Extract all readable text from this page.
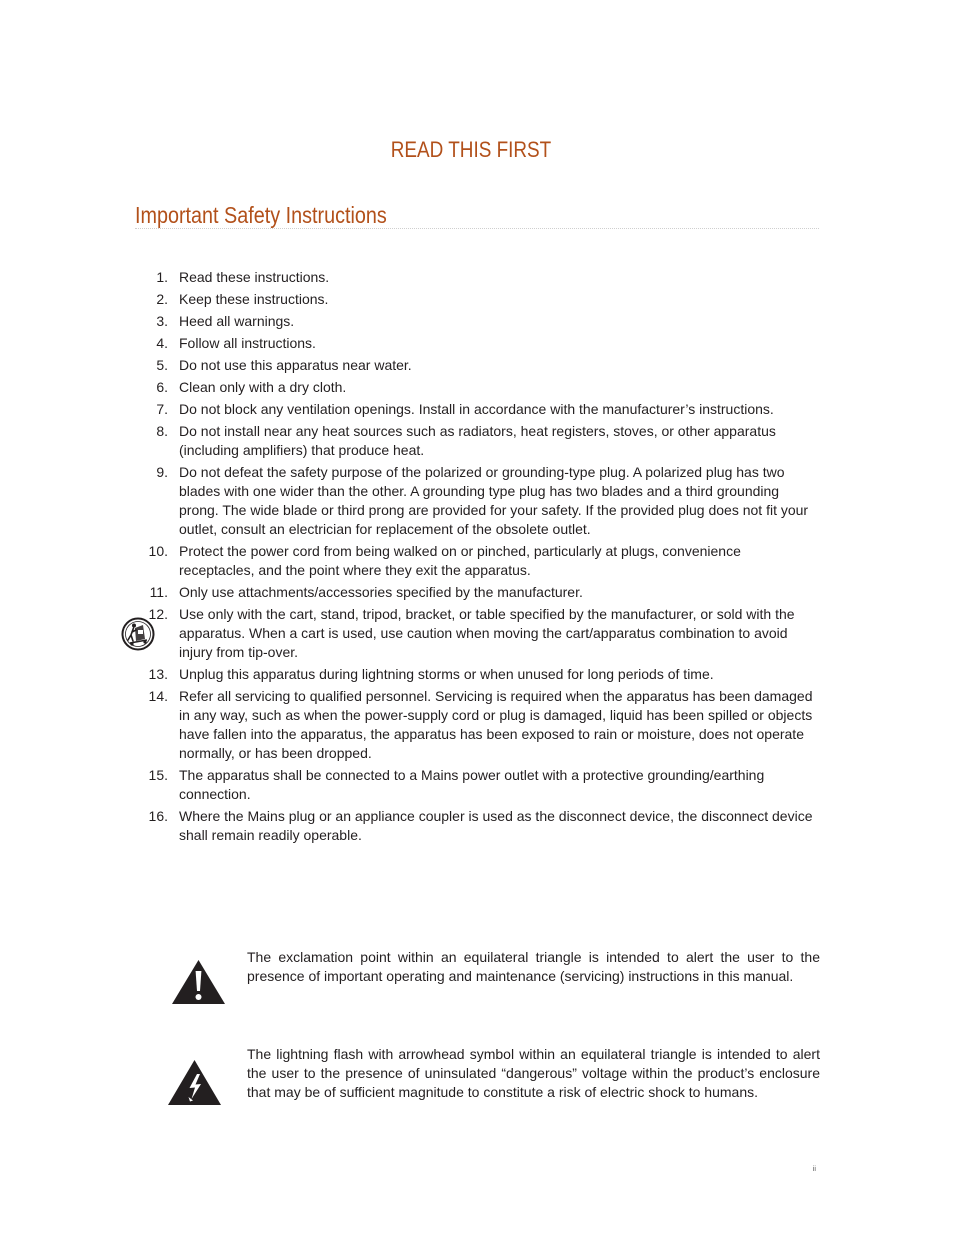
READ THIS FIRST
Important Safety Instructions
1. Read these instructions.
2. Keep these instructions.
3. Heed all warnings.
4. Follow all instructions.
5. Do not use this apparatus near water.
6. Clean only with a dry cloth.
7. Do not block any ventilation openings. Install in accordance with the manufacturer’s instructions.
8. Do not install near any heat sources such as radiators, heat registers, stoves, or other apparatus (including amplifiers) that produce heat.
9. Do not defeat the safety purpose of the polarized or grounding-type plug. A polarized plug has two blades with one wider than the other. A grounding type plug has two blades and a third grounding prong. The wide blade or third prong are provided for your safety. If the provided plug does not fit your outlet, consult an electrician for replacement of the obsolete outlet.
10. Protect the power cord from being walked on or pinched, particularly at plugs, convenience receptacles, and the point where they exit the apparatus.
11. Only use attachments/accessories specified by the manufacturer.
12. Use only with the cart, stand, tripod, bracket, or table specified by the manufacturer, or sold with the apparatus. When a cart is used, use caution when moving the cart/apparatus combination to avoid injury from tip-over.
13. Unplug this apparatus during lightning storms or when unused for long periods of time.
14. Refer all servicing to qualified personnel. Servicing is required when the apparatus has been damaged in any way, such as when the power-supply cord or plug is damaged, liquid has been spilled or objects have fallen into the apparatus, the apparatus has been exposed to rain or moisture, does not operate normally, or has been dropped.
15. The apparatus shall be connected to a Mains power outlet with a protective grounding/earthing connection.
16. Where the Mains plug or an appliance coupler is used as the disconnect device, the disconnect device shall remain readily operable.
The exclamation point within an equilateral triangle is intended to alert the user to the presence of important operating and maintenance (servicing) instructions in this manual.
The lightning flash with arrowhead symbol within an equilateral triangle is intended to alert the user to the presence of uninsulated “dangerous” voltage within the product’s enclosure that may be of sufficient magnitude to constitute a risk of electric shock to humans.
ii
